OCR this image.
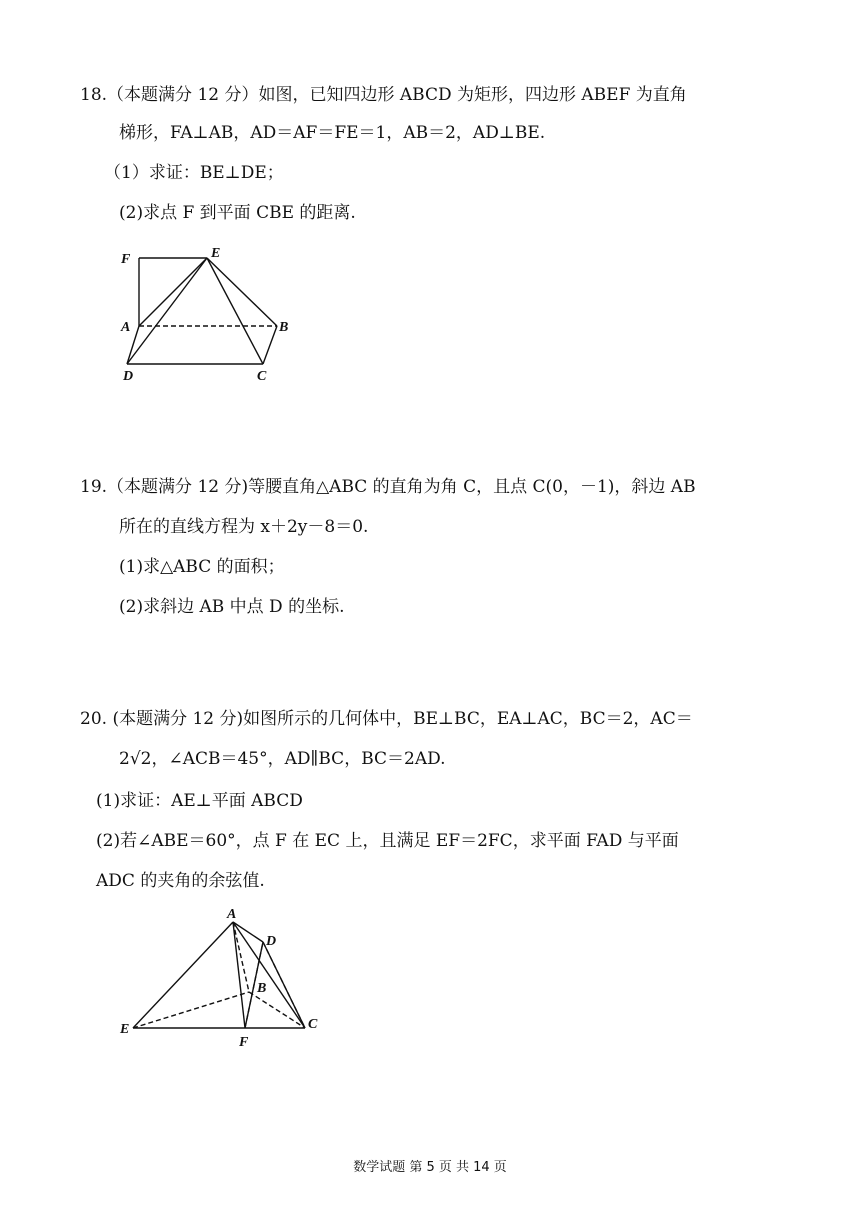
18.（本题满分 12 分）如图，已知四边形 ABCD 为矩形，四边形 ABEF 为直角
梯形，FA⊥AB，AD＝AF＝FE＝1，AB＝2，AD⊥BE.
（1）求证：BE⊥DE；
(2)求点 F 到平面 CBE 的距离.
F	E
A	B
D	C
19.（本题满分 12 分)等腰直角△ABC 的直角为角 C，且点 C(0，－1)，斜边 AB
所在的直线方程为 x＋2y－8＝0.
(1)求△ABC 的面积；
(2)求斜边 AB 中点 D 的坐标.
20. (本题满分 12 分)如图所示的几何体中，BE⊥BC，EA⊥AC，BC＝2，AC＝
2√2，∠ACB＝45°，AD∥BC，BC＝2AD.
(1)求证：AE⊥平面 ABCD
(2)若∠ABE＝60°，点 F 在 EC 上，且满足 EF＝2FC，求平面 FAD 与平面
ADC 的夹角的余弦值.
A
D
B
E
F
C
数学试题 第 5 页 共 14 页
